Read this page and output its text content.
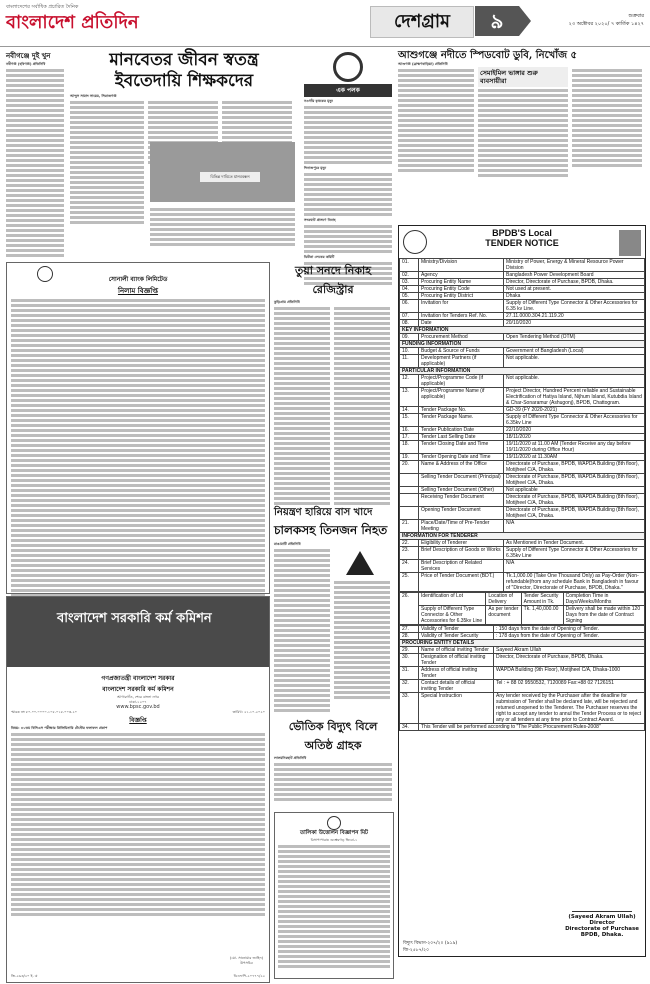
বাংলাদেশের সর্বাধিক প্রচারিত দৈনিক
বাংলাদেশ প্রতিদিন	দেশগ্রাম	৯	শুক্রবার
২৩ অক্টোবর ২০২০/ ৭ কার্তিক ১৪২৭
নবীগঞ্জে দুই খুন
নবীগঞ্জ (হবিগঞ্জ) প্রতিনিধি	মানবেতর জীবন স্বতন্ত্র
ইবতেদায়ি শিক্ষকদের
আব্দুস সামাদ সায়েম, সিরাজগঞ্জ
বিভিন্ন দাবিতে মানববন্ধন
এক পলক
নওগাঁয় কৃষকের মৃত্যু
দিনাজপুরে মৃত্যু
সদরঘাট প্রাঙ্গণে বিবাহ
ঝিটকা লেকের কমিটি
আশুগঞ্জে নদীতে স্পিডবোট ডুবি, নিখোঁজ ৫
আশুগঞ্জ (ব্রাহ্মণবাড়িয়া) প্রতিনিধি
সেমাইমিল ভাঙ্গার শুরু ব্যবসায়ীরা
সোনালী ব্যাংক লিমিটেড
নিলাম বিজ্ঞপ্তি
তুয়া সনদে নিকাহ
রেজিস্ট্রার
কুড়িগ্রাম প্রতিনিধি
নিয়ন্ত্রণ হারিয়ে বাস খাদে
চালকসহ তিনজন নিহত
রাঙামাটি প্রতিনিধি
বাংলাদেশ সরকারি কর্ম কমিশন
গণপ্রজাতন্ত্রী বাংলাদেশ সরকার
বাংলাদেশ সরকারি কর্ম কমিশন
আগারগাঁও, শেরে বাংলা নগর
ঢাকা-১২০৭
www.bpsc.gov.bd
স্মারক নং ৮০.০০.০০০০.১০৫.০১৮.০০৩.২০	তারিখ: ২১.১০.২০২০
বিজ্ঞপ্তি
বিষয়: ৪১তম বিসিএস পরীক্ষার প্রিলিমিনারি টেস্টের ফলাফল প্রকাশ
(মো. সানোয়ার জাহিদ)
উপসচিব
জি-২৬৩/২০ ই. ঝ	ডিএফপি-২০৭৭৭/২২
ভৌতিক বিদ্যুৎ বিলে
অতিষ্ঠ গ্রাহক
লালমনিরহাট প্রতিনিধি
তালিকা উত্তোলন বিজ্ঞাপন মিট
বিসাপাপারাঃ গুম্ভেবগড় ভিবো-১
BPDB'S Local
TENDER NOTICE
01.	Ministry/Division	Ministry of Power, Energy & Mineral Resource Power Division
02.	Agency	Bangladesh Power Development Board
03.	Procuring Entity Name	Director, Directorate of Purchase, BPDB, Dhaka.
04.	Procuring Entity Code	Not used at present.
05.	Procuring Entity District	Dhaka
06.	Invitation for	Supply of Different Type Connector & Other Accessories for 6.35 kv Line.
07.	Invitation for Tenders Ref. No.	27.11.0000.304.21.119.20
08.	Date	20/10/2020
KEY INFORMATION		
09.	Procurement Method	Open Tendering Method (OTM)
FUNDING INFORMATION		
10.	Budget & Source of Funds	Government of Bangladesh (Local)
11.	Development Partners (if applicable)	Not applicable.
PARTICULAR INFORMATION		
12.	Project/Programme Code (if applicable)	Not applicable.
13.	Project/Programme Name (if applicable)	Project Director, Hundred Percent reliable and Sustainable Electrification of Hatiya Island, Nijhum Island, Kutubdia Island & Char-Sonaramur (Ashugonj), BPDB, Chattogram.
14.	Tender Package No.	GD-39 (FY 2020-2021)
15.	Tender Package Name.	Supply of Different Type Connector & Other Accessories for 6.35kv Line
16.	Tender Publication Date	22/10/2020
17.	Tender Last Selling Date	18/11/2020
18.	Tender Closing Date and Time	19/11/2020 at 11.00 AM (Tender Receive any day before 19/11/2020 during Office Hour)
19.	Tender Opening Date and Time	19/11/2020 at 11.30AM
20.	Name & Address of the Office	Directorate of Purchase, BPDB, WAPDA Building (8th floor), Motijheel C/A, Dhaka.
	Selling Tender Document (Principal)	Directorate of Purchase, BPDB, WAPDA Building (8th floor), Motijheel C/A, Dhaka.
	Selling Tender Document (Other)	Not applicable
	Receiving Tender Document	Directorate of Purchase, BPDB, WAPDA Building (8th floor), Motijheel C/A, Dhaka.
	Opening Tender Document	Directorate of Purchase, BPDB, WAPDA Building (8th floor), Motijheel C/A, Dhaka.
21.	Place/Date/Time of Pre-Tender Meeting	N/A
INFORMATION FOR TENDERER		
22.	Eligibility of Tenderer	As Mentioned in Tender Document.
23.	Brief Description of Goods or Works	Supply of Different Type Connector & Other Accessories for 6.35kv Line
24.	Brief Description of Related Services	N/A
25.	Price of Tender Document (BDT.)	Tk.1,000.00 (Take One Thousand Only) as Pay-Order (Non-refundable)from any schedule Bank in Bangladesh in favour of "Director, Directorate of Purchase, BPDB, Dhaka."
26.	Identification of Lot	Location of Delivery	Tender Security Amount in Tk.	Completion Time in Days/Weeks/Months
	Supply of Different Type Connector & Other Accessories for 6.35kv Line	As per tender document	Tk. 1,40,000.00	Delivery shall be made within 120 Days from the date of Contract Signing
27.	Validity of Tender	: 150 days from the date of Opening of Tender.
28.	Validity of Tender Security	: 178 days from the date of Opening of Tender.
PROCURING ENTITY DETAILS		
29.	Name of official inviting Tender	Sayeed Akram Ullah
30.	Designation of official inviting Tender	Director, Directorate of Purchase, BPDB, Dhaka.
31.	Address of official inviting Tender	WAPDA Building (9th Floor), Motijheel C/A, Dhaka-1000
32.	Contact details of official inviting Tender	Tel : + 88 02 9550532, 7120089 Fax:+88 02 7126151
33.	Special Instruction	Any tender received by the Purchaser after the deadline for submission of Tender shall be declared late, will be rejected and returned unopened to the Tenderer. The Purchaser reserves the right to accept any tender to annul the Tender Process or to reject any or all tenders at any time prior to Contract Award.
34.	This Tender will be performed according to "The Public Procurement Rules-2008"	
(Sayeed Akram Ullah)
Director
Directorate of Purchase
BPDB, Dhaka.
বিদ্যুৎ বিভাগ-২০৭/২০ (৯১৯)
জি-২৫৮৭/২০
